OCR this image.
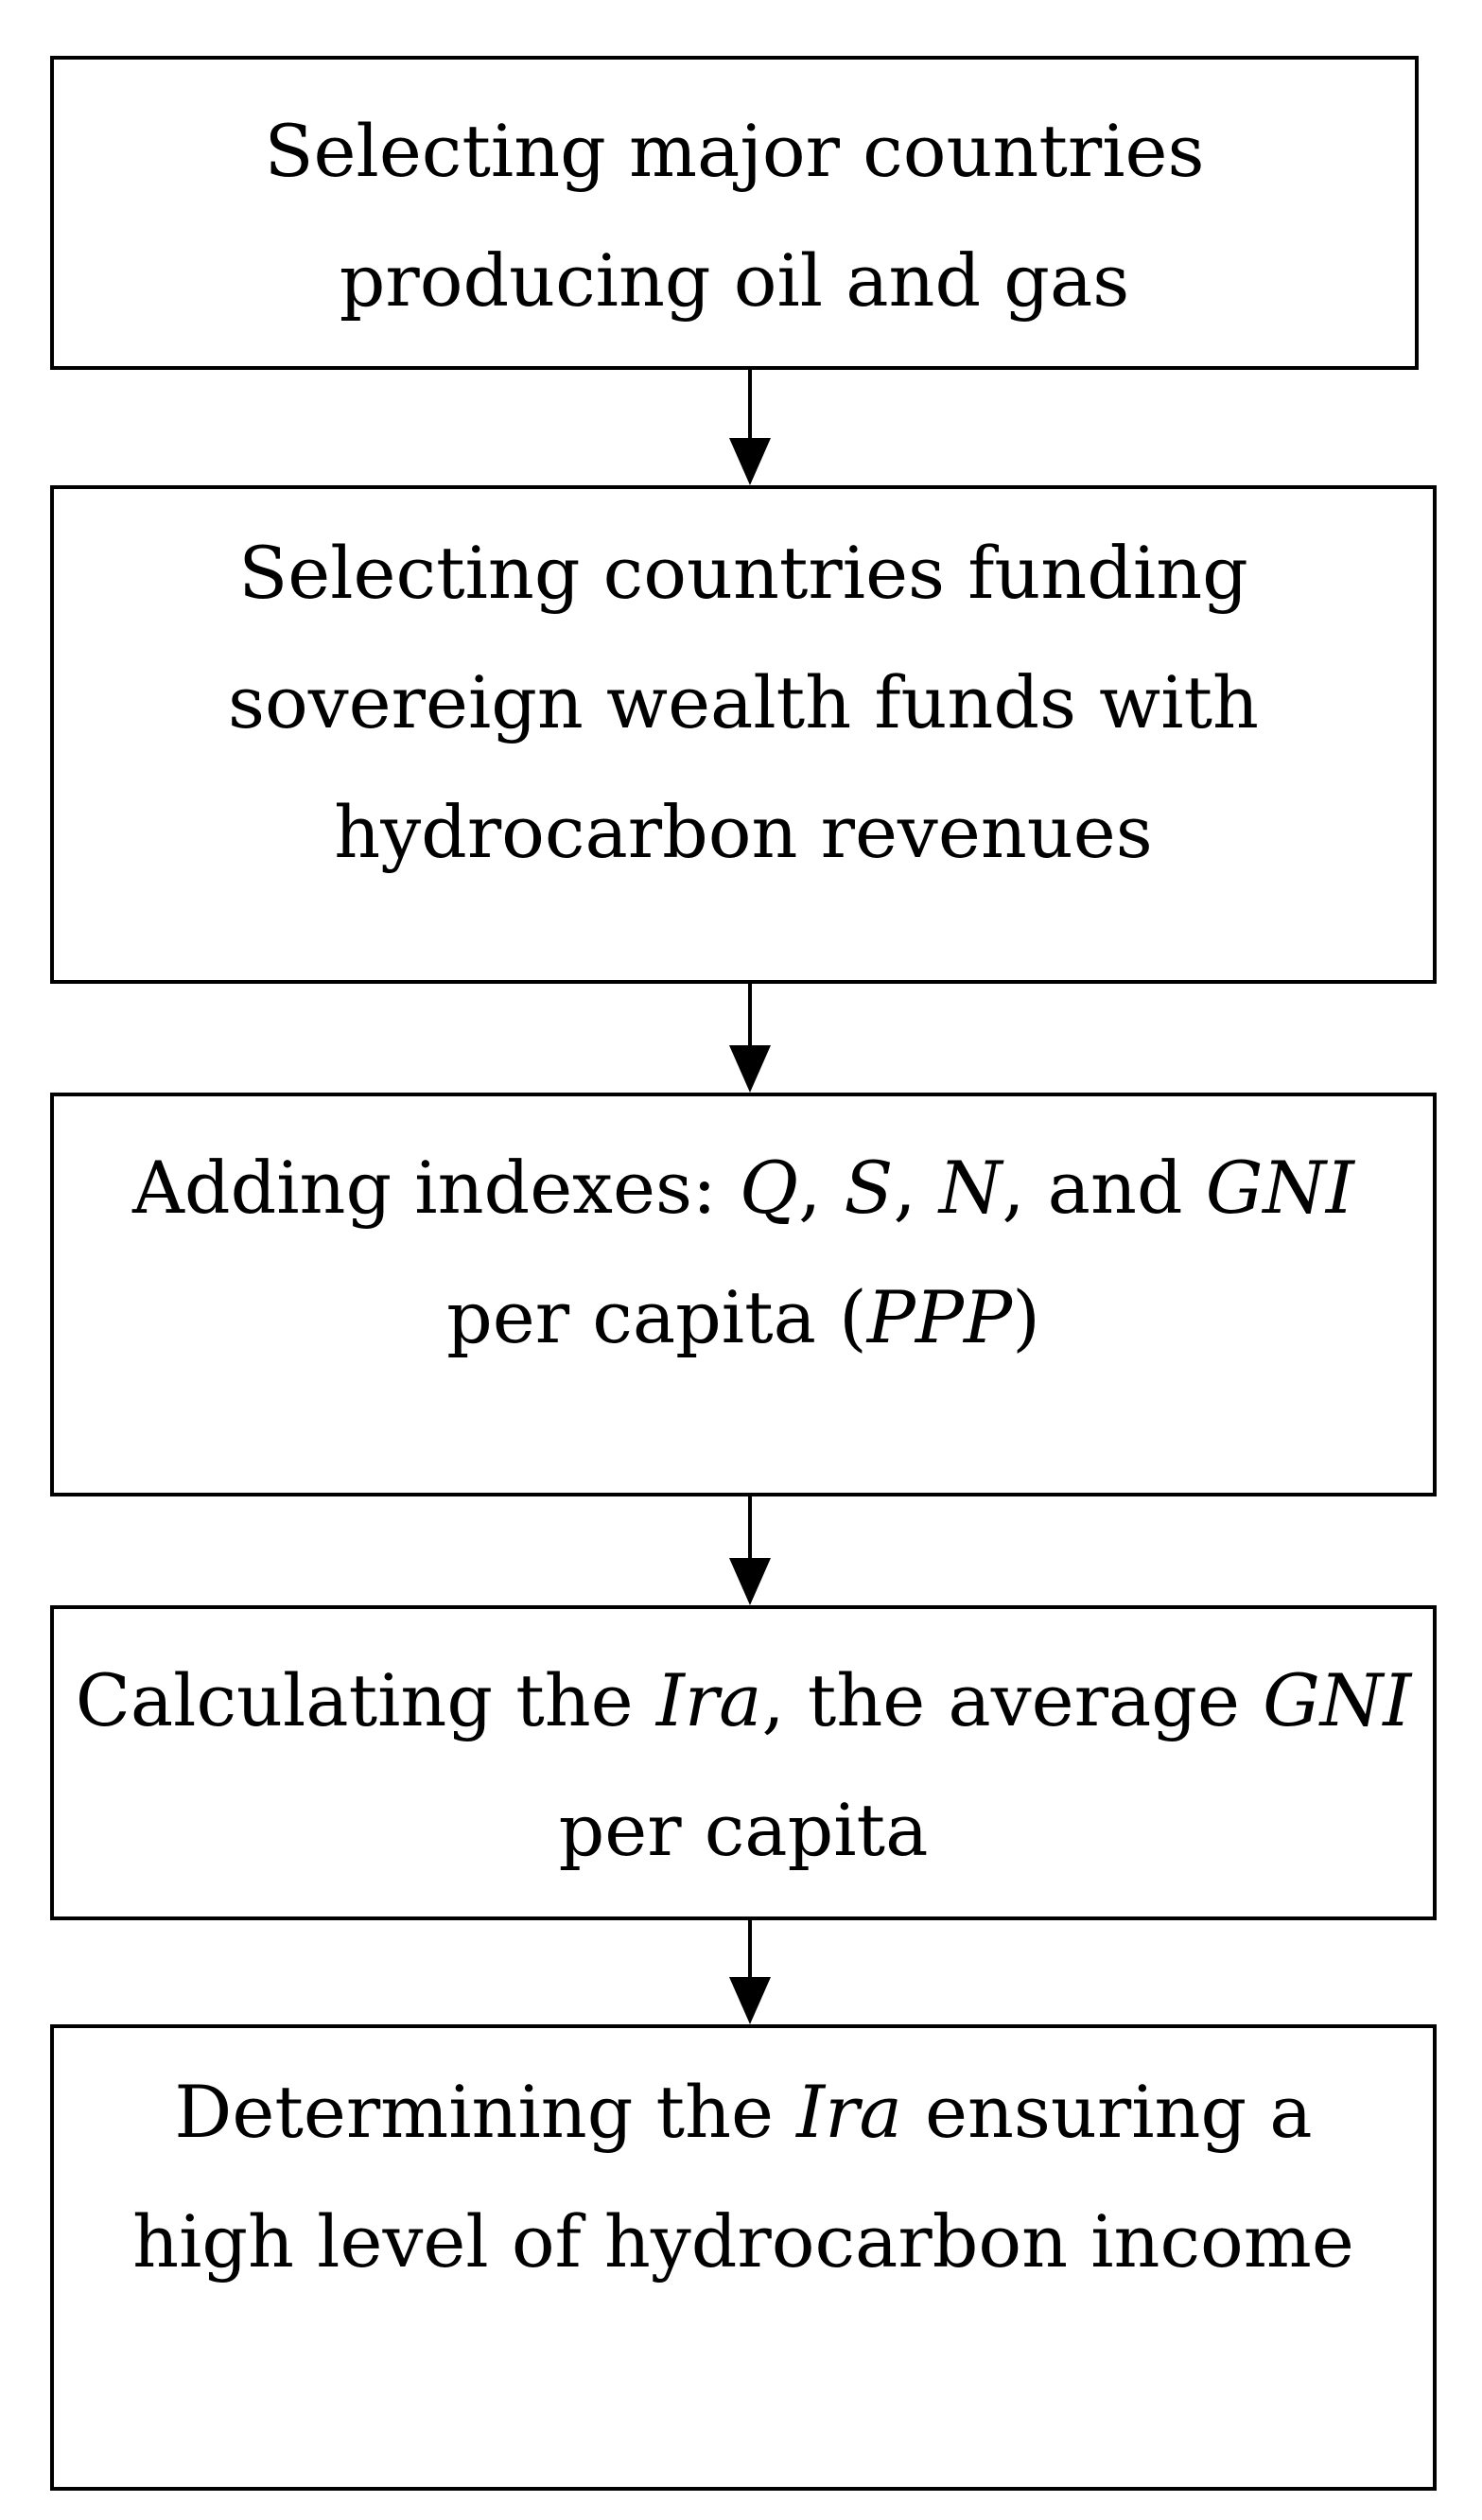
Selecting major countries
producing oil and gas
Selecting countries funding
sovereign wealth funds with
hydrocarbon revenues
Adding indexes: Q, S, N, and GNI
per capita (PPP)
Calculating the Ira, the average GNI
per capita
Determining the Ira ensuring a
high level of hydrocarbon income
